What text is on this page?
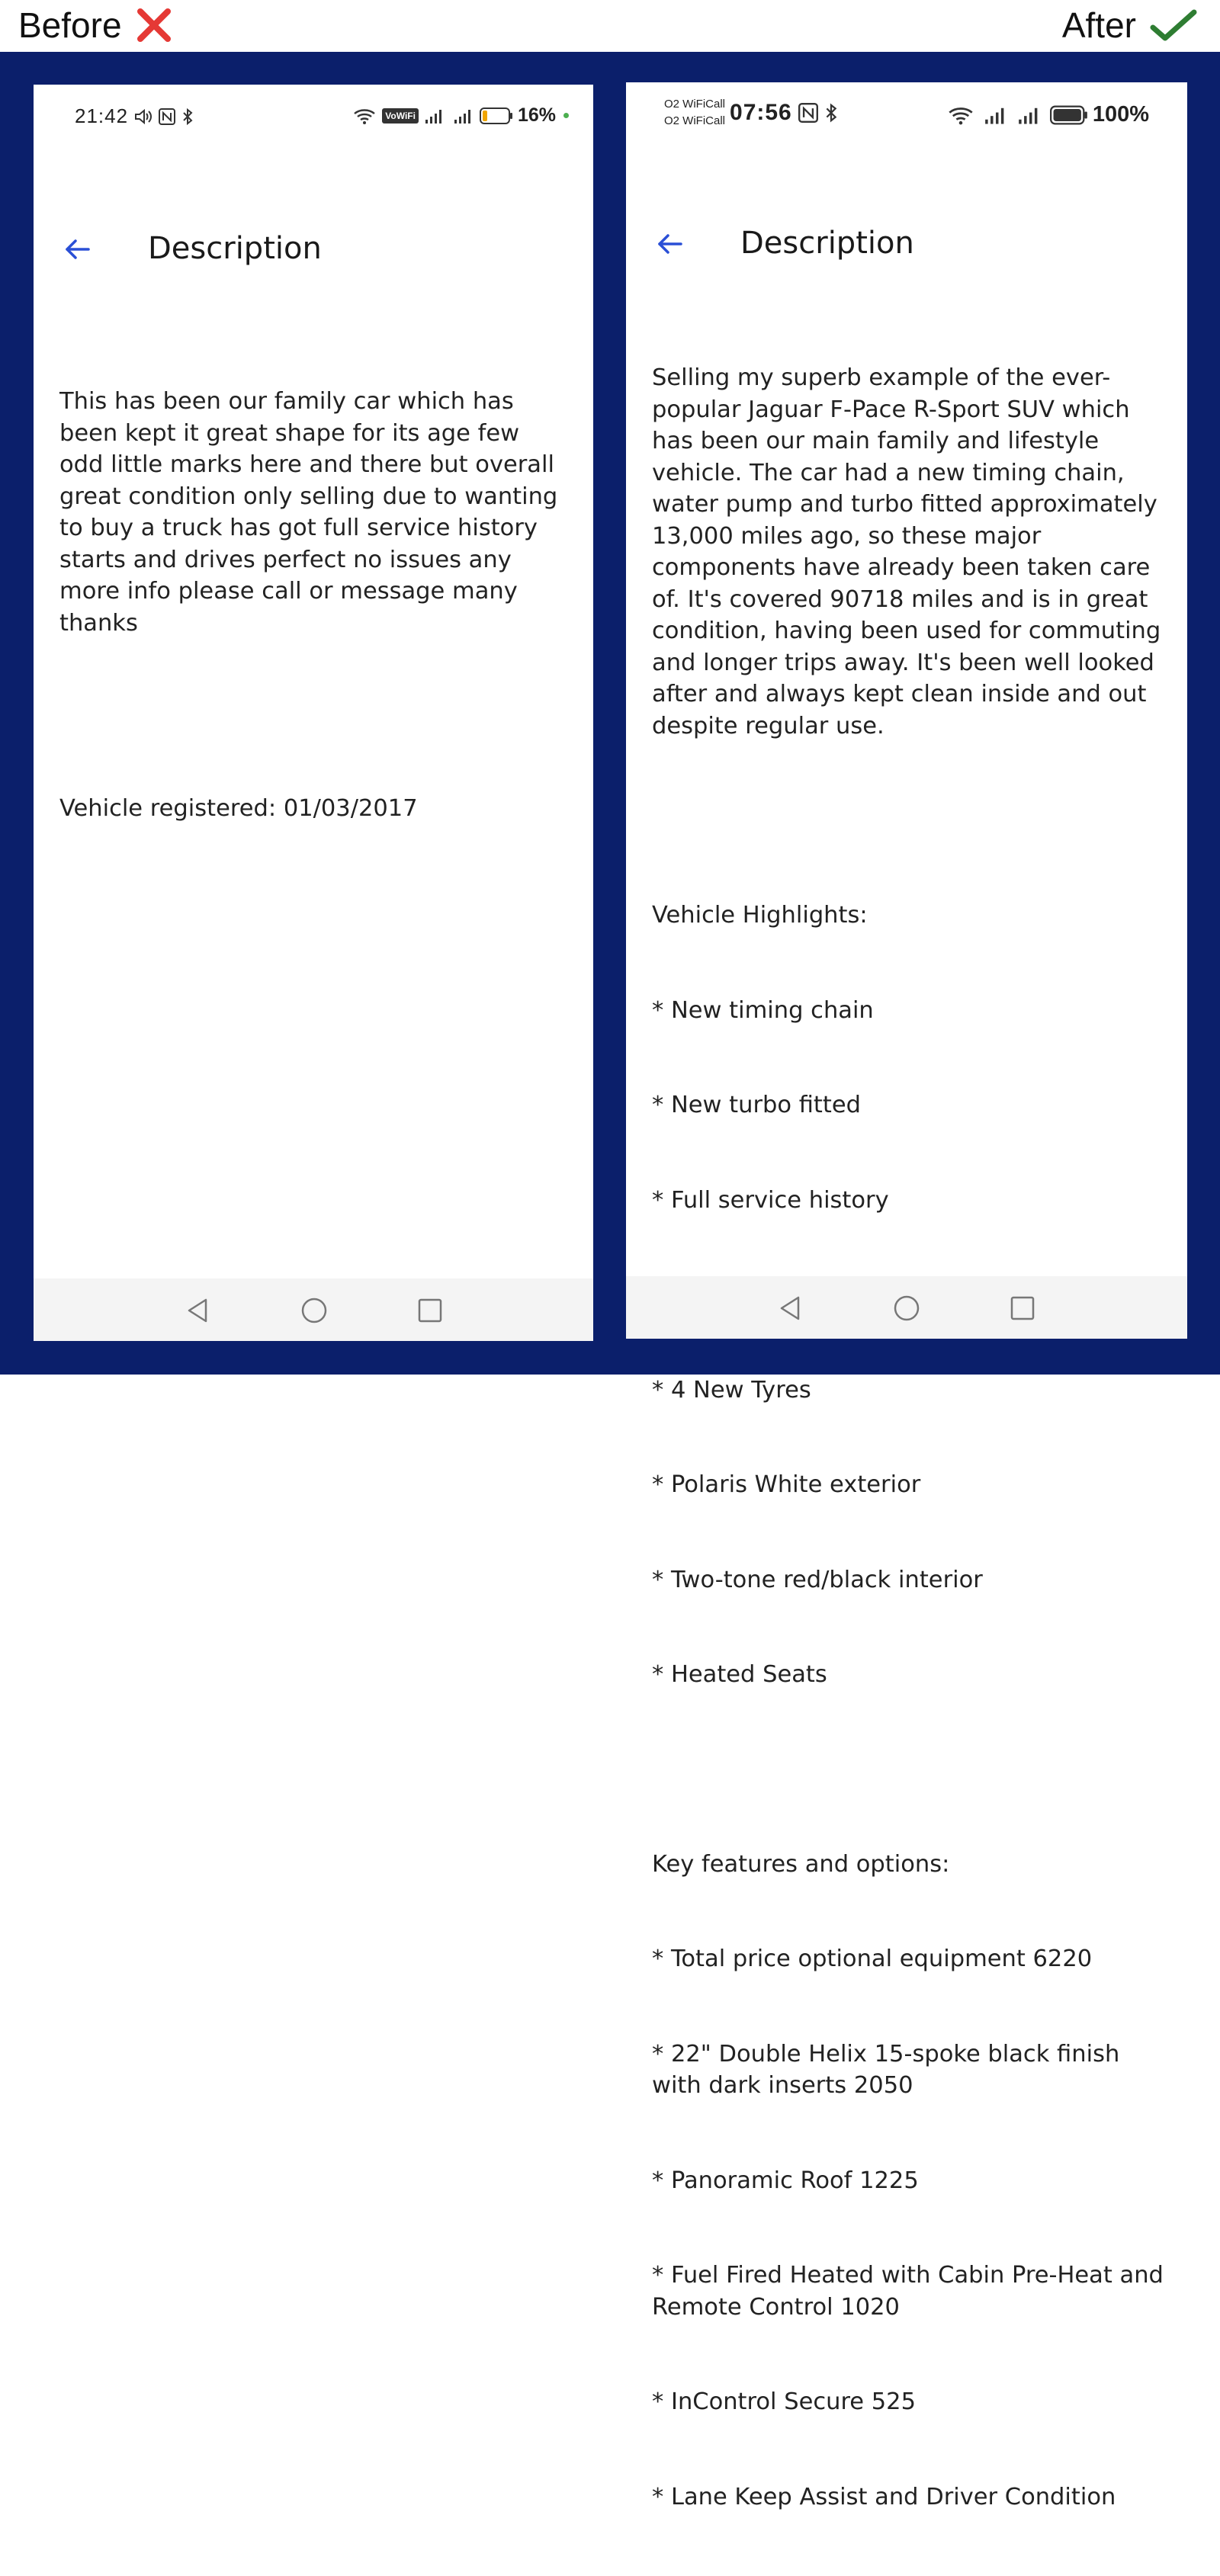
Before	After
21:42	VoWiFi	16%
Description

This has been our family car which has been kept it great shape for its age few odd little marks here and there but overall great condition only selling due to wanting to buy a truck has got full service history starts and drives perfect no issues any more info please call or message many thanks

Vehicle registered: 01/03/2017

O2 WiFiCall
O2 WiFiCall 07:56	100%
Description

Selling my superb example of the ever-popular Jaguar F-Pace R-Sport SUV which has been our main family and lifestyle vehicle. The car had a new timing chain, water pump and turbo fitted approximately 13,000 miles ago, so these major components have already been taken care of. It's covered 90718 miles and is in great condition, having been used for commuting and longer trips away. It's been well looked after and always kept clean inside and out despite regular use.

Vehicle Highlights:

* New timing chain

* New turbo fitted

* Full service history

* 4 New Tyres

* Polaris White exterior

* Two-tone red/black interior

* Heated Seats

Key features and options:

* Total price optional equipment 6220

* 22" Double Helix 15-spoke black finish with dark inserts 2050

* Panoramic Roof 1225

* Fuel Fired Heated with Cabin Pre-Heat and Remote Control 1020

* InControl Secure 525

* Lane Keep Assist and Driver Condition
